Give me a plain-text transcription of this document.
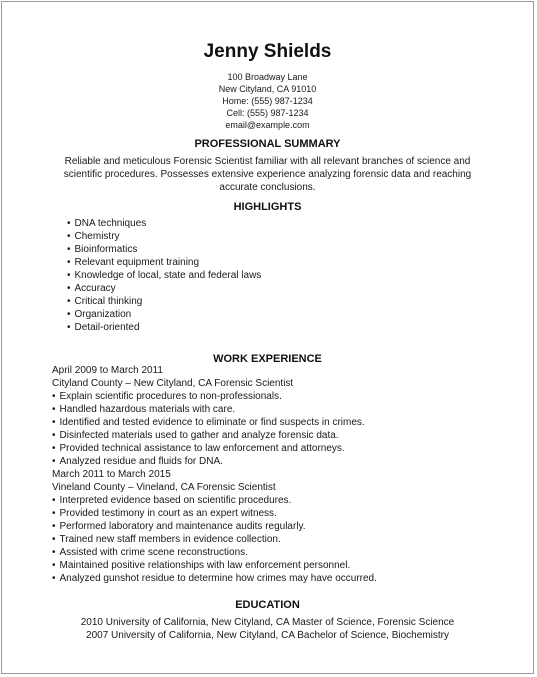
Jenny Shields
100 Broadway Lane
New Cityland, CA 91010
Home: (555) 987-1234
Cell: (555) 987-1234
email@example.com
PROFESSIONAL SUMMARY
Reliable and meticulous Forensic Scientist familiar with all relevant branches of science and scientific procedures. Possesses extensive experience analyzing forensic data and reaching accurate conclusions.
HIGHLIGHTS
• DNA techniques
• Chemistry
• Bioinformatics
• Relevant equipment training
• Knowledge of local, state and federal laws
• Accuracy
• Critical thinking
• Organization
• Detail-oriented
WORK EXPERIENCE
April 2009 to March 2011
Cityland County – New Cityland, CA Forensic Scientist
• Explain scientific procedures to non-professionals.
• Handled hazardous materials with care.
• Identified and tested evidence to eliminate or find suspects in crimes.
• Disinfected materials used to gather and analyze forensic data.
• Provided technical assistance to law enforcement and attorneys.
• Analyzed residue and fluids for DNA.
March 2011 to March 2015
Vineland County – Vineland, CA Forensic Scientist
• Interpreted evidence based on scientific procedures.
• Provided testimony in court as an expert witness.
• Performed laboratory and maintenance audits regularly.
• Trained new staff members in evidence collection.
• Assisted with crime scene reconstructions.
• Maintained positive relationships with law enforcement personnel.
• Analyzed gunshot residue to determine how crimes may have occurred.
EDUCATION
2010 University of California, New Cityland, CA Master of Science, Forensic Science
2007 University of California, New Cityland, CA Bachelor of Science, Biochemistry
